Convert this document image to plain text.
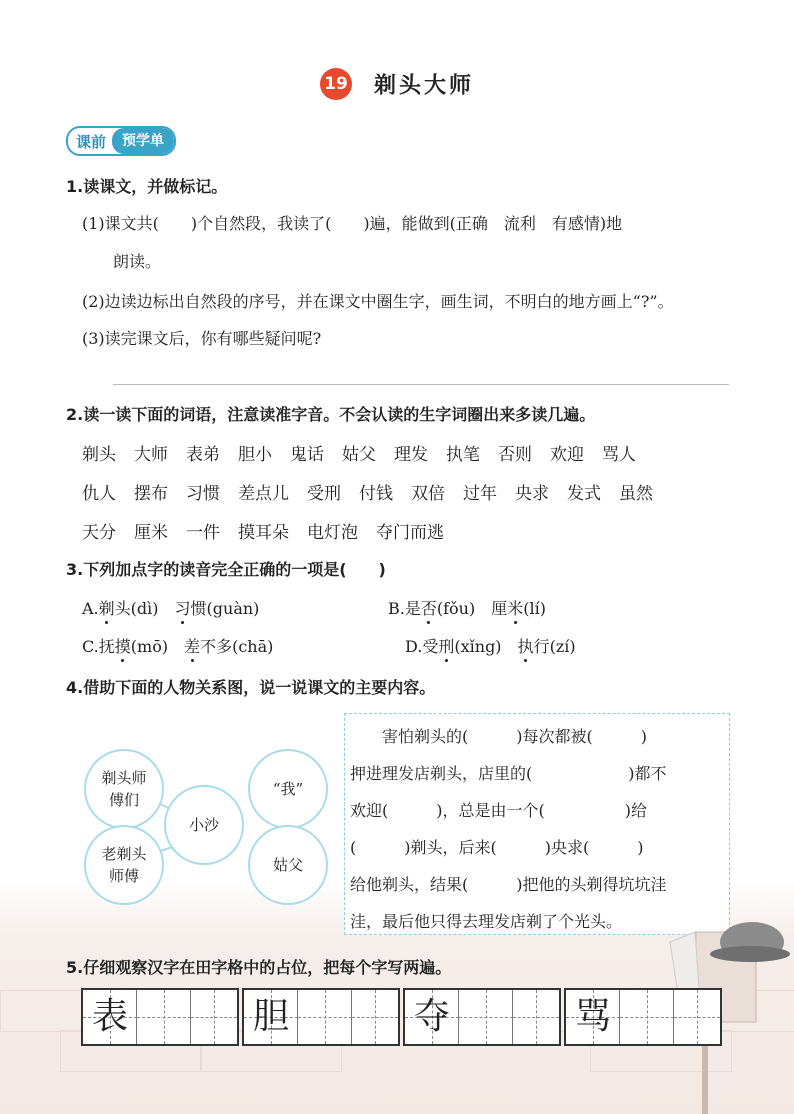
19 剃头大师
课前	预学单
1.读课文，并做标记。
(1)课文共(　　)个自然段，我读了(　　)遍，能做到(正确　流利　有感情)地
朗读。
(2)边读边标出自然段的序号，并在课文中圈生字，画生词，不明白的地方画上“?”。
(3)读完课文后，你有哪些疑问呢?
2.读一读下面的词语，注意读准字音。不会认读的生字词圈出来多读几遍。
剃头 大师 表弟 胆小 鬼话 姑父 理发 执笔 否则 欢迎 骂人
仇人 摆布 习惯 差点儿 受刑 付钱 双倍 过年 央求 发式 虽然
天分 厘米 一件 摸耳朵 电灯泡 夺门而逃
3.下列加点字的读音完全正确的一项是(　　)
A.剃头(dì)　习惯(guàn)	B.是否(fǒu)　厘米(lí)
C.抚摸(mō)　差不多(chā)	D.受刑(xǐng)　执行(zí)
4.借助下面的人物关系图，说一说课文的主要内容。
剃头师傅们
“我”
小沙
老剃头师傅
姑父
　　害怕剃头的(　　　)每次都被(　　　)
押进理发店剃头，店里的(　　　　　　)都不
欢迎(　　　)，总是由一个(　　　　　)给
(　　　)剃头，后来(　　　)央求(　　　)
给他剃头，结果(　　　)把他的头剃得坑坑洼
洼，最后他只得去理发店剃了个光头。
5.仔细观察汉字在田字格中的占位，把每个字写两遍。
表	胆	夺	骂
